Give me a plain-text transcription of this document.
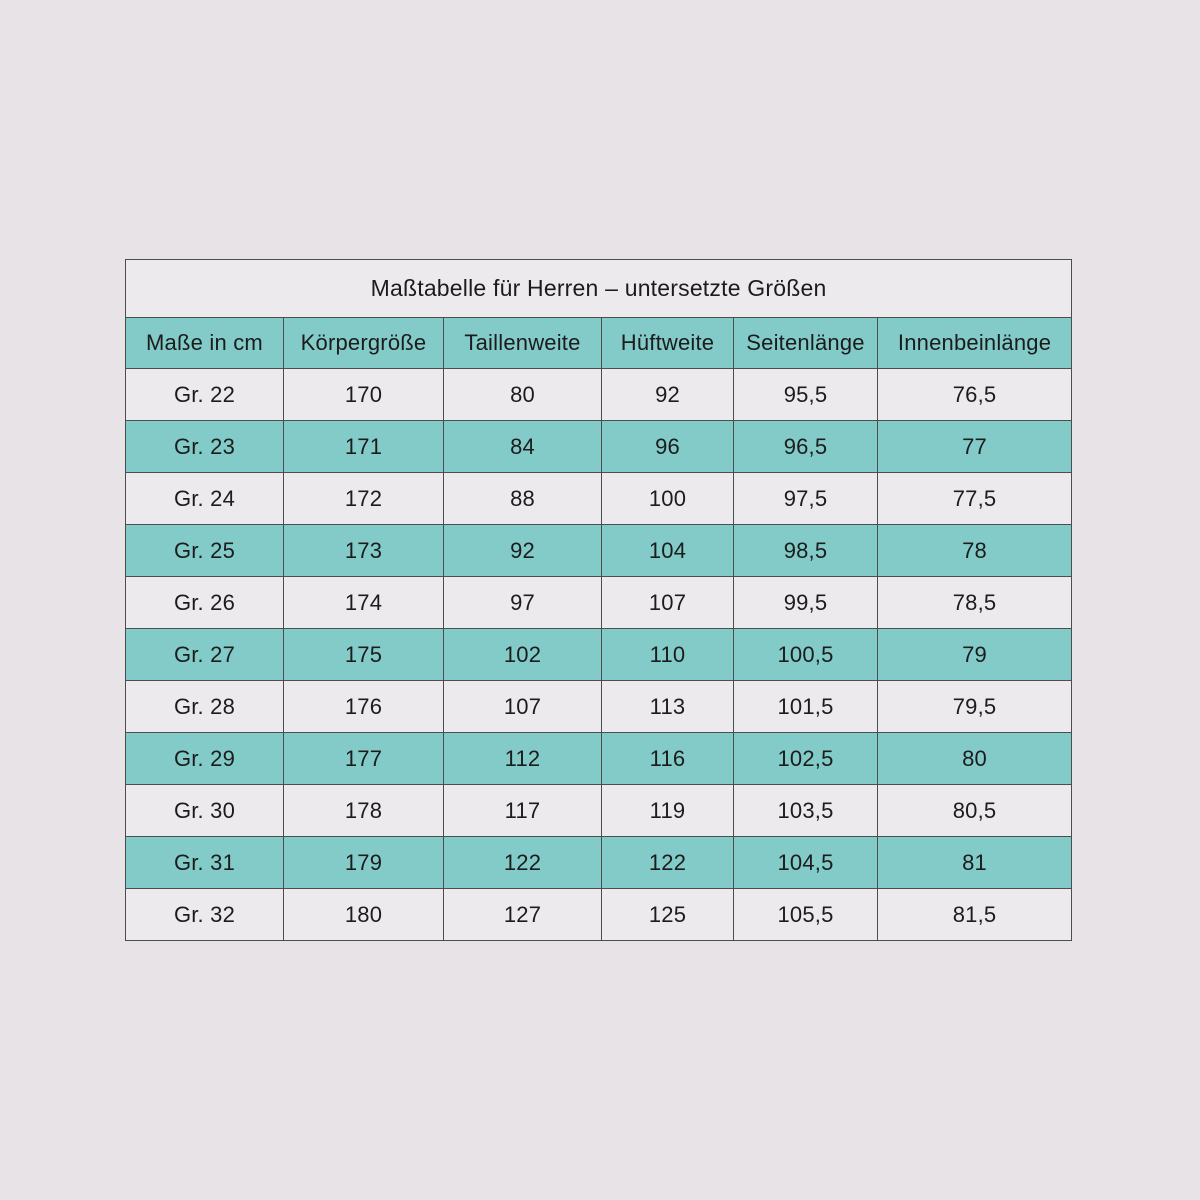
Maßtabelle für Herren – untersetzte Größen					
Maße in cm	Körpergröße	Taillenweite	Hüftweite	Seitenlänge	Innenbeinlänge
Gr. 22	170	80	92	95,5	76,5
Gr. 23	171	84	96	96,5	77
Gr. 24	172	88	100	97,5	77,5
Gr. 25	173	92	104	98,5	78
Gr. 26	174	97	107	99,5	78,5
Gr. 27	175	102	110	100,5	79
Gr. 28	176	107	113	101,5	79,5
Gr. 29	177	112	116	102,5	80
Gr. 30	178	117	119	103,5	80,5
Gr. 31	179	122	122	104,5	81
Gr. 32	180	127	125	105,5	81,5
